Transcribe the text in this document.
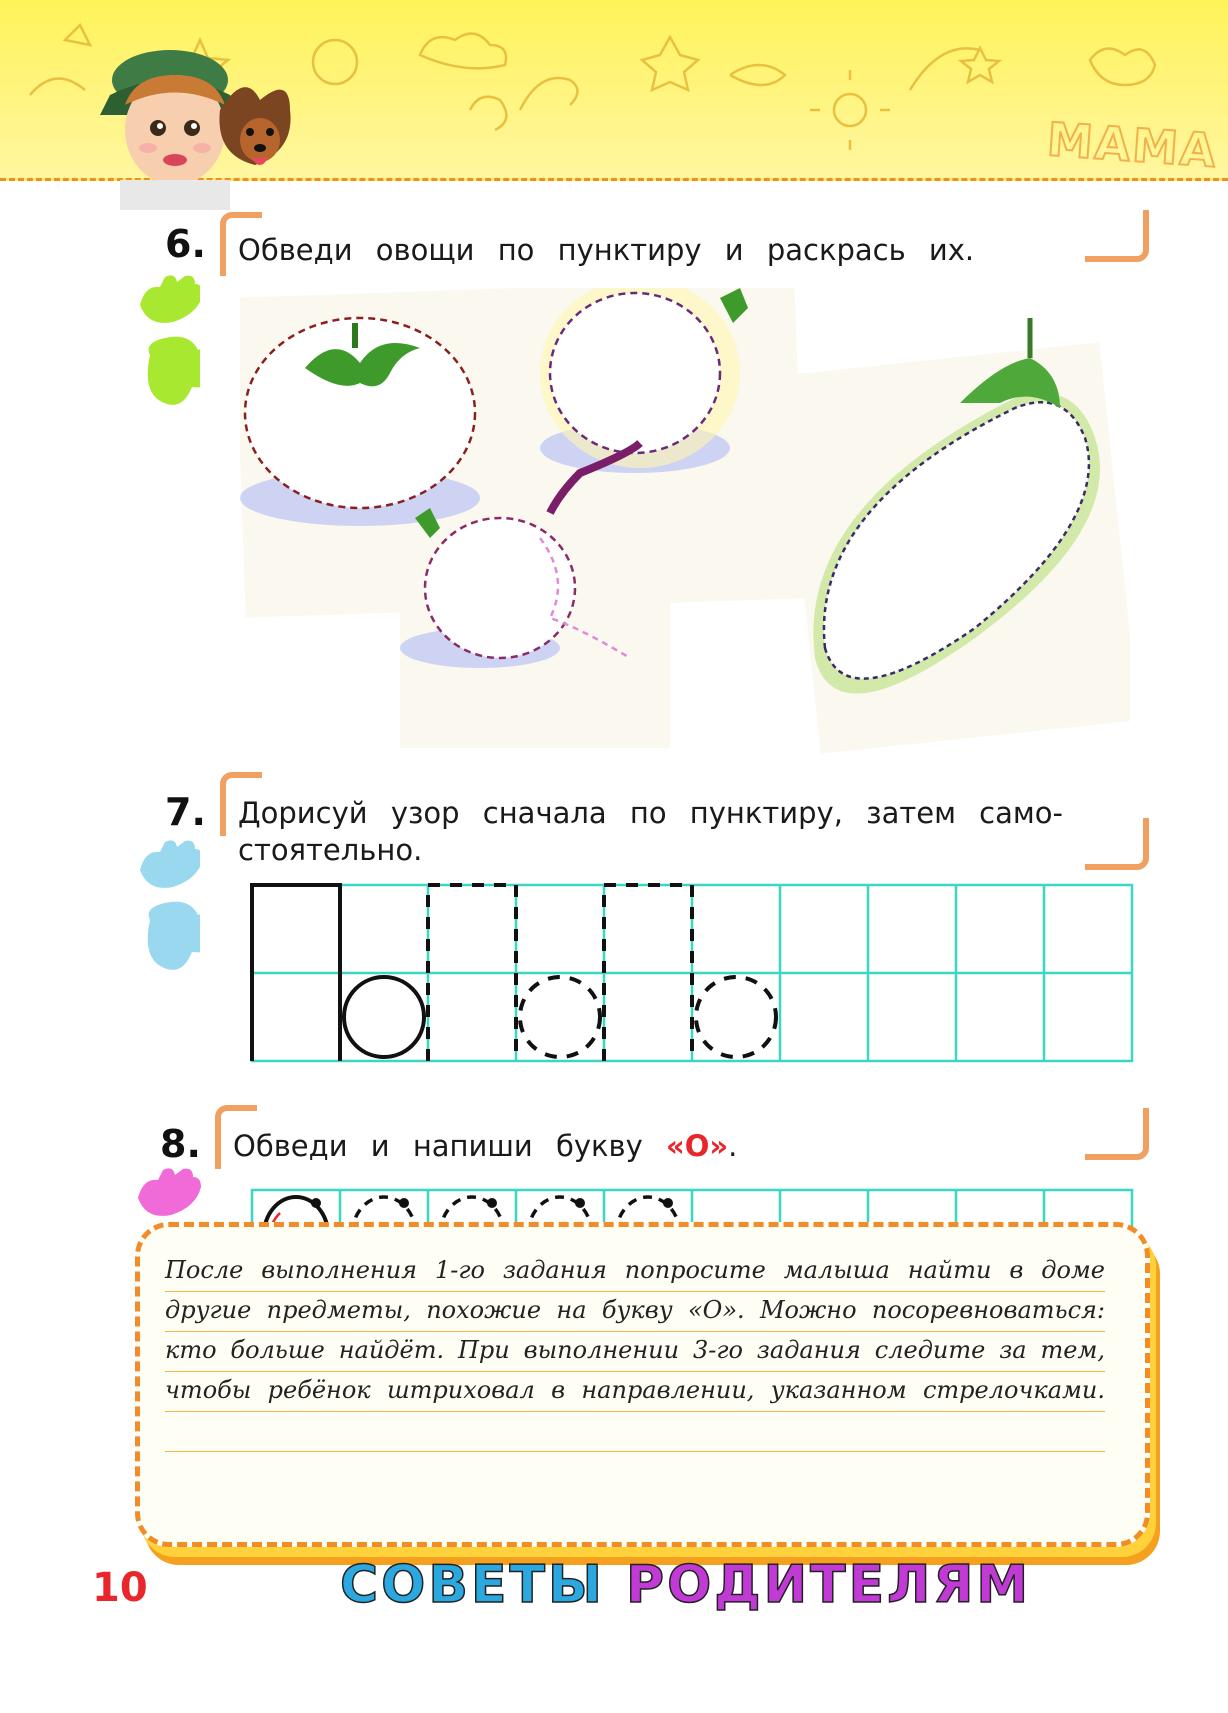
МАМА
6. Обведи овощи по пунктиру и раскрась их.
7. Дорисуй узор сначала по пунктиру, затем само-
стоятельно.
8. Обведи и напиши букву «О».
После выполнения 1-го задания попросите малыша найти в доме
другие предметы, похожие на букву «О». Можно посоревноваться:
кто больше найдёт. При выполнении 3-го задания следите за тем,
чтобы ребёнок штриховал в направлении, указанном стрелочками.
10	СОВЕТЫ РОДИТЕЛЯМ
